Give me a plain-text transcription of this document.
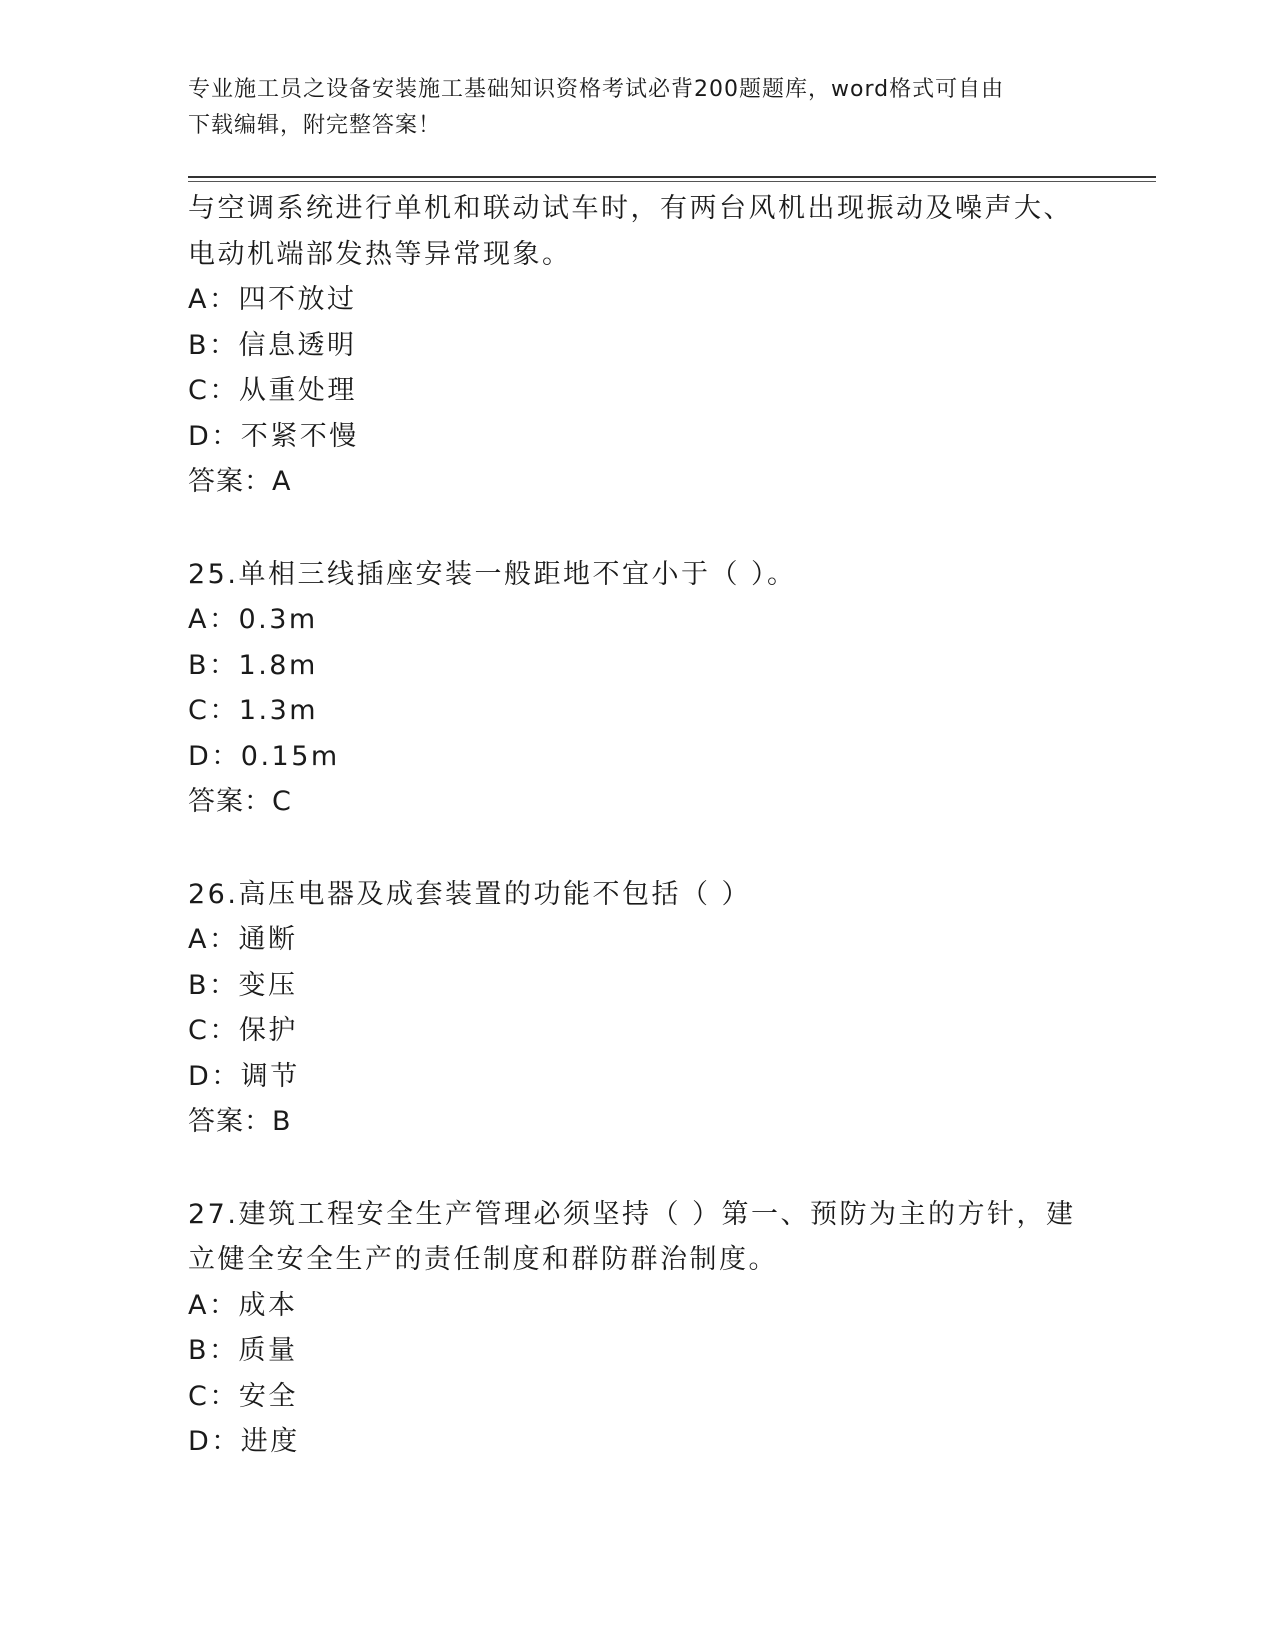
专业施工员之设备安装施工基础知识资格考试必背200题题库，word格式可自由
下载编辑，附完整答案！
与空调系统进行单机和联动试车时，有两台风机出现振动及噪声大、
电动机端部发热等异常现象。
A：四不放过
B：信息透明
C：从重处理
D：不紧不慢
答案：A
25.单相三线插座安装一般距地不宜小于（ ）。
A：0.3m
B：1.8m
C：1.3m
D：0.15m
答案：C
26.高压电器及成套装置的功能不包括（ ）
A：通断
B：变压
C：保护
D：调节
答案：B
27.建筑工程安全生产管理必须坚持（ ）第一、预防为主的方针，建
立健全安全生产的责任制度和群防群治制度。
A：成本
B：质量
C：安全
D：进度
